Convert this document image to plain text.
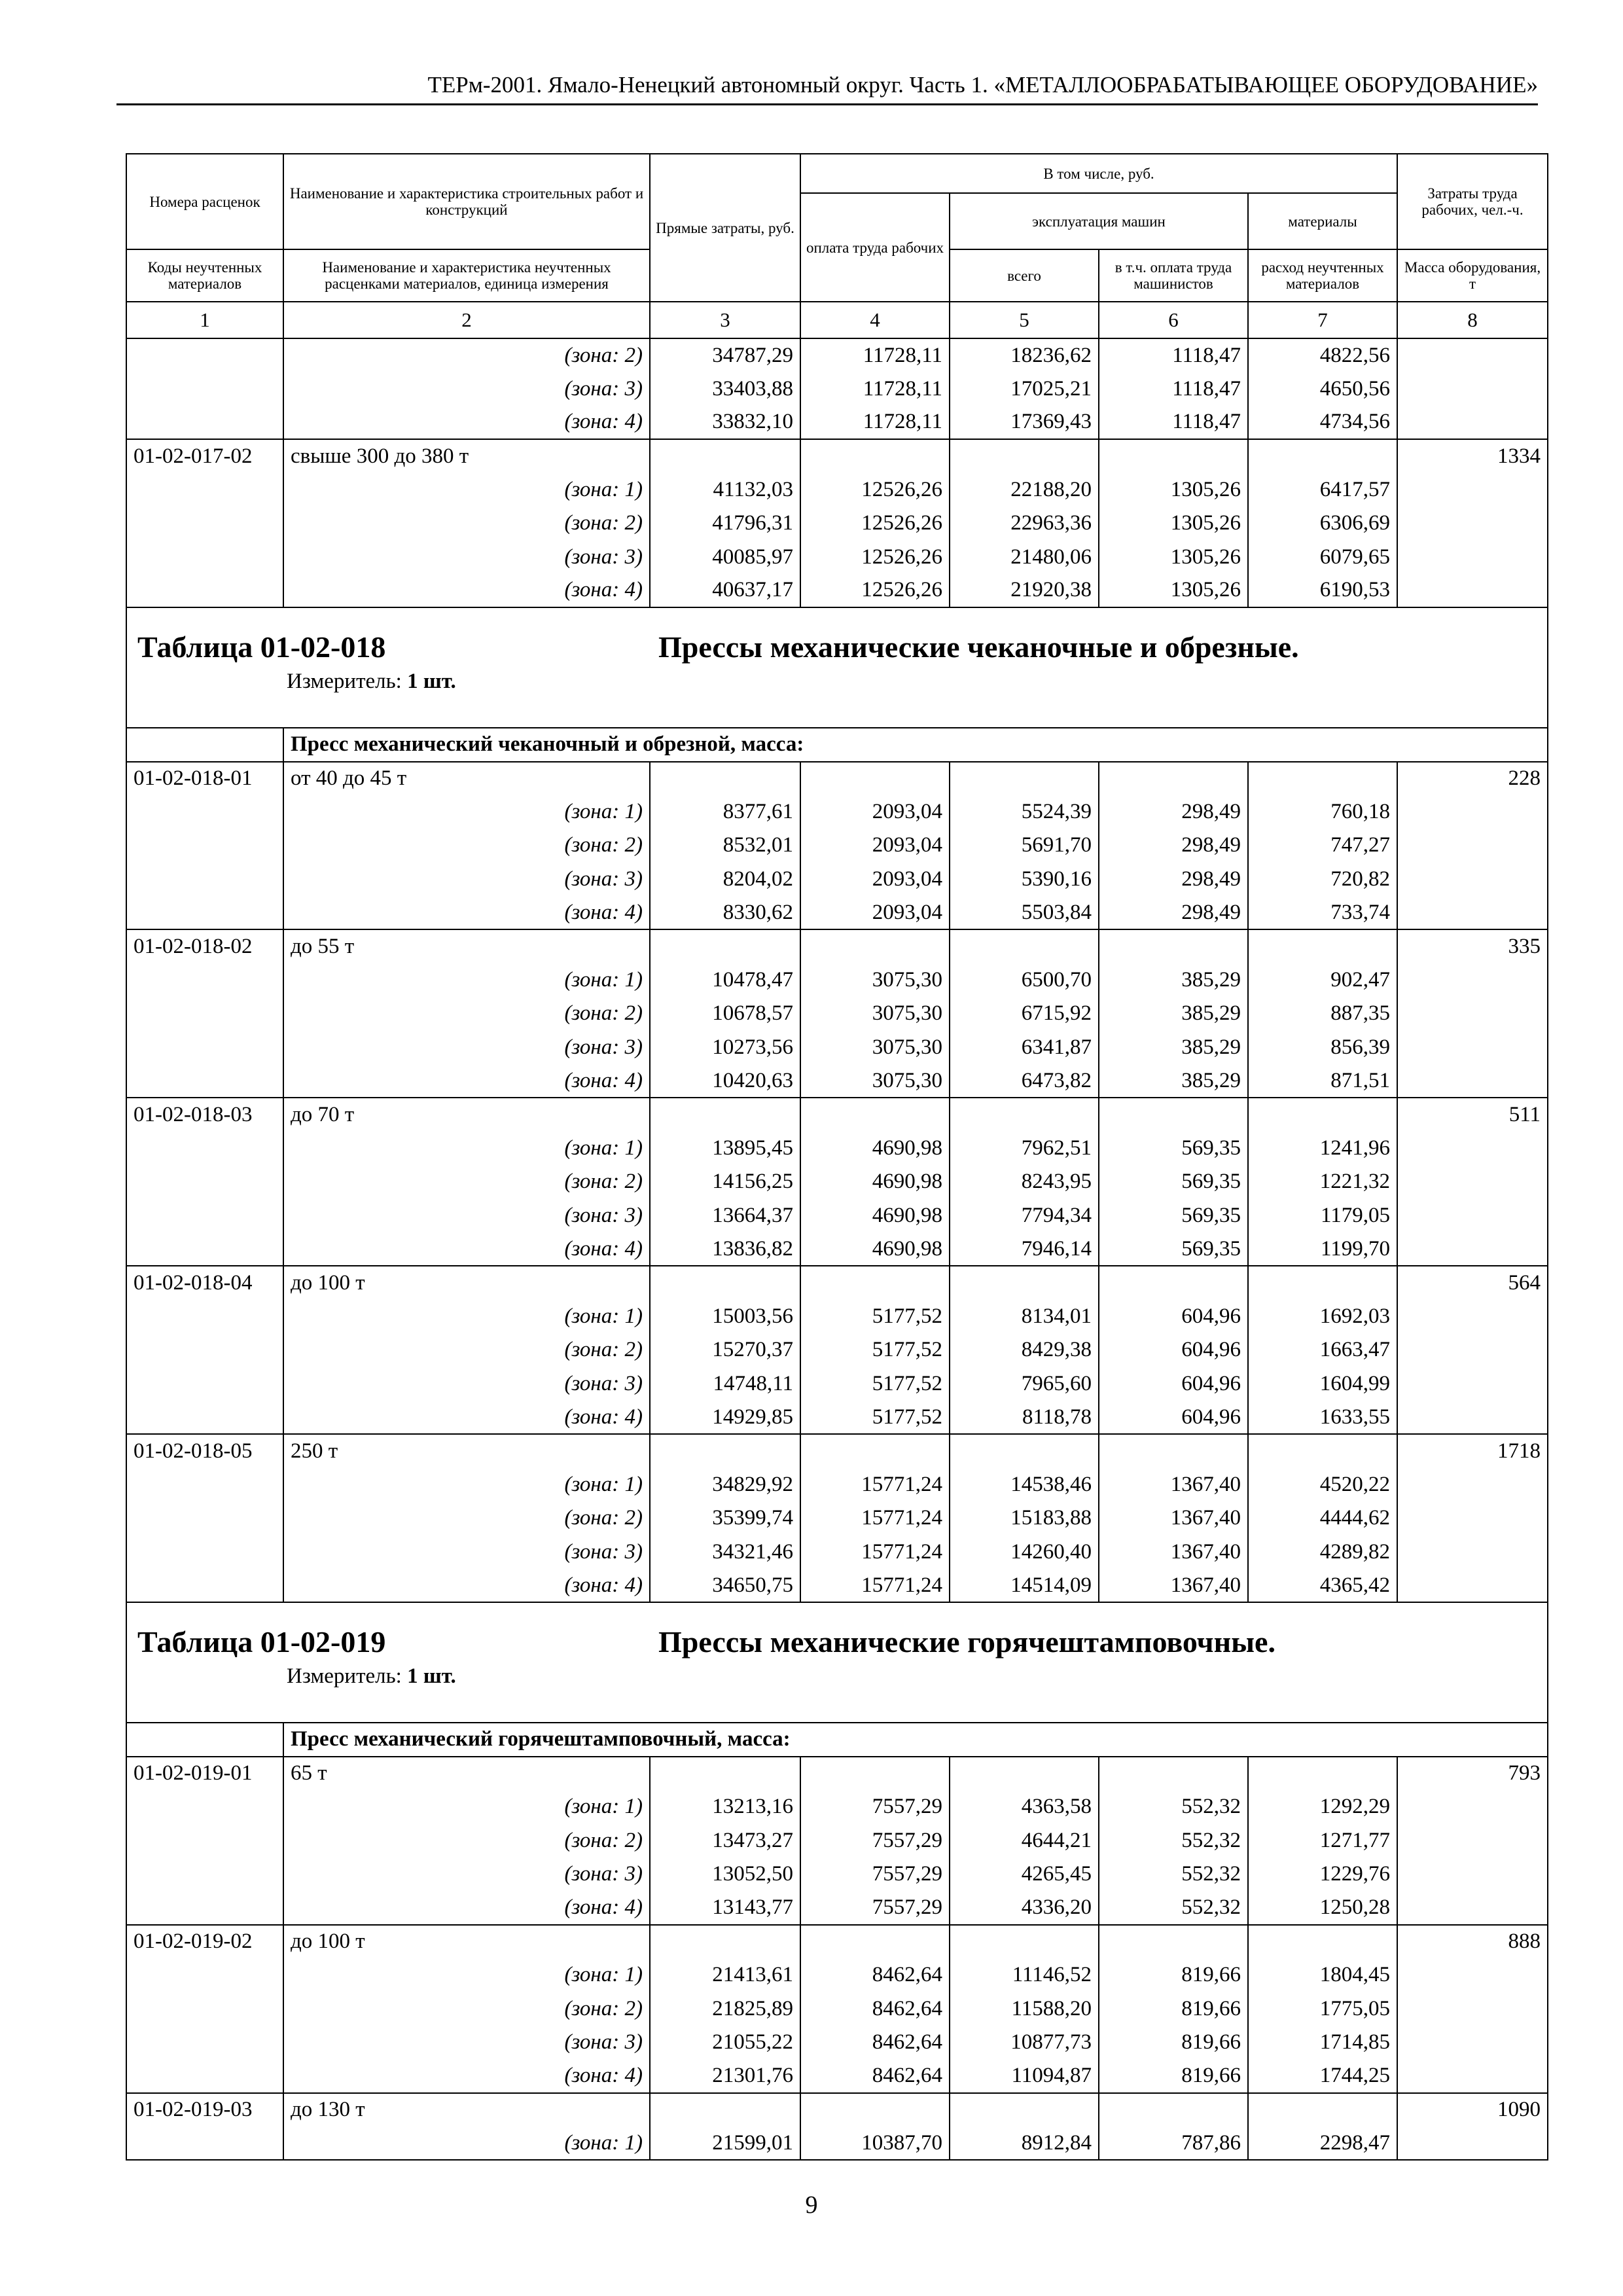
ТЕРм-2001. Ямало-Ненецкий автономный округ. Часть 1. «МЕТАЛЛООБРАБАТЫВАЮЩЕЕ ОБОРУДОВАНИЕ»
Номера расценок	Наименование и характеристика строительных работ и конструкций	Прямые затраты, руб.	В том числе, руб.				Затраты труда рабочих, чел.-ч.
			оплата труда рабочих	эксплуатация машин		материалы	
Коды неучтенных материалов	Наименование и характеристика неучтенных расценками материалов, единица измерения			всего	в т.ч. оплата труда машинистов	расход неучтенных материалов	Масса оборудования, т
1	2	3	4	5	6	7	8
	(зона: 2)	34787,29	11728,11	18236,62	1118,47	4822,56	
	(зона: 3)	33403,88	11728,11	17025,21	1118,47	4650,56	
	(зона: 4)	33832,10	11728,11	17369,43	1118,47	4734,56	
01-02-017-02	свыше 300 до 380 т						1334
	(зона: 1)	41132,03	12526,26	22188,20	1305,26	6417,57	
	(зона: 2)	41796,31	12526,26	22963,36	1305,26	6306,69	
	(зона: 3)	40085,97	12526,26	21480,06	1305,26	6079,65	
	(зона: 4)	40637,17	12526,26	21920,38	1305,26	6190,53	

Таблица 01-02-018 Прессы механические чеканочные и обрезные.
Измеритель: 1 шт.							

	Пресс механический чеканочный и обрезной, масса:						
01-02-018-01	от 40 до 45 т						228
	(зона: 1)	8377,61	2093,04	5524,39	298,49	760,18	
	(зона: 2)	8532,01	2093,04	5691,70	298,49	747,27	
	(зона: 3)	8204,02	2093,04	5390,16	298,49	720,82	
	(зона: 4)	8330,62	2093,04	5503,84	298,49	733,74	
01-02-018-02	до 55 т						335
	(зона: 1)	10478,47	3075,30	6500,70	385,29	902,47	
	(зона: 2)	10678,57	3075,30	6715,92	385,29	887,35	
	(зона: 3)	10273,56	3075,30	6341,87	385,29	856,39	
	(зона: 4)	10420,63	3075,30	6473,82	385,29	871,51	
01-02-018-03	до 70 т						511
	(зона: 1)	13895,45	4690,98	7962,51	569,35	1241,96	
	(зона: 2)	14156,25	4690,98	8243,95	569,35	1221,32	
	(зона: 3)	13664,37	4690,98	7794,34	569,35	1179,05	
	(зона: 4)	13836,82	4690,98	7946,14	569,35	1199,70	
01-02-018-04	до 100 т						564
	(зона: 1)	15003,56	5177,52	8134,01	604,96	1692,03	
	(зона: 2)	15270,37	5177,52	8429,38	604,96	1663,47	
	(зона: 3)	14748,11	5177,52	7965,60	604,96	1604,99	
	(зона: 4)	14929,85	5177,52	8118,78	604,96	1633,55	
01-02-018-05	250 т						1718
	(зона: 1)	34829,92	15771,24	14538,46	1367,40	4520,22	
	(зона: 2)	35399,74	15771,24	15183,88	1367,40	4444,62	
	(зона: 3)	34321,46	15771,24	14260,40	1367,40	4289,82	
	(зона: 4)	34650,75	15771,24	14514,09	1367,40	4365,42	

Таблица 01-02-019 Прессы механические горячештамповочные.
Измеритель: 1 шт.							

	Пресс механический горячештамповочный, масса:						
01-02-019-01	65 т						793
	(зона: 1)	13213,16	7557,29	4363,58	552,32	1292,29	
	(зона: 2)	13473,27	7557,29	4644,21	552,32	1271,77	
	(зона: 3)	13052,50	7557,29	4265,45	552,32	1229,76	
	(зона: 4)	13143,77	7557,29	4336,20	552,32	1250,28	
01-02-019-02	до 100 т						888
	(зона: 1)	21413,61	8462,64	11146,52	819,66	1804,45	
	(зона: 2)	21825,89	8462,64	11588,20	819,66	1775,05	
	(зона: 3)	21055,22	8462,64	10877,73	819,66	1714,85	
	(зона: 4)	21301,76	8462,64	11094,87	819,66	1744,25	
01-02-019-03	до 130 т						1090
	(зона: 1)	21599,01	10387,70	8912,84	787,86	2298,47	
9
